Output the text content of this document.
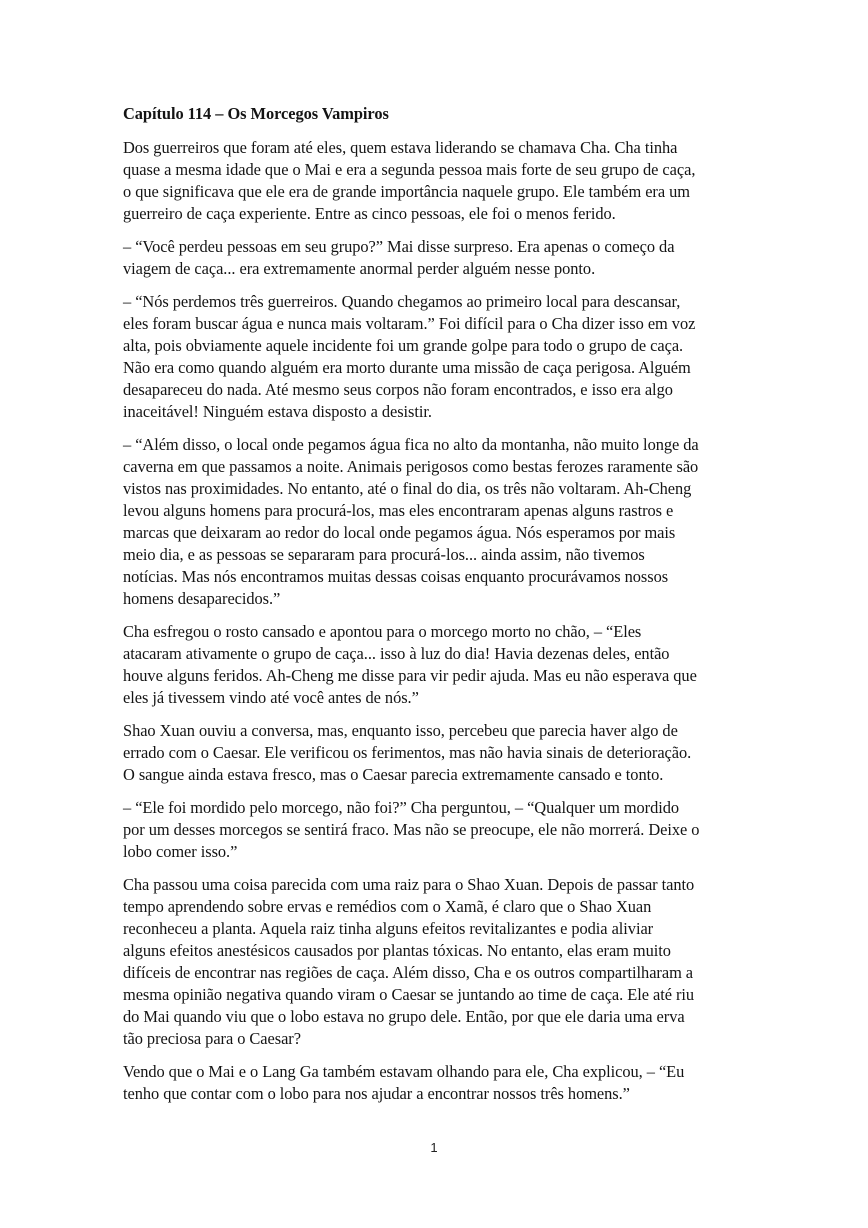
Capítulo 114 – Os Morcegos Vampiros

Dos guerreiros que foram até eles, quem estava liderando se chamava Cha. Cha tinha
quase a mesma idade que o Mai e era a segunda pessoa mais forte de seu grupo de caça,
o que significava que ele era de grande importância naquele grupo. Ele também era um
guerreiro de caça experiente. Entre as cinco pessoas, ele foi o menos ferido.

– “Você perdeu pessoas em seu grupo?” Mai disse surpreso. Era apenas o começo da
viagem de caça... era extremamente anormal perder alguém nesse ponto.

– “Nós perdemos três guerreiros. Quando chegamos ao primeiro local para descansar,
eles foram buscar água e nunca mais voltaram.” Foi difícil para o Cha dizer isso em voz
alta, pois obviamente aquele incidente foi um grande golpe para todo o grupo de caça.
Não era como quando alguém era morto durante uma missão de caça perigosa. Alguém
desapareceu do nada. Até mesmo seus corpos não foram encontrados, e isso era algo
inaceitável! Ninguém estava disposto a desistir.

– “Além disso, o local onde pegamos água fica no alto da montanha, não muito longe da
caverna em que passamos a noite. Animais perigosos como bestas ferozes raramente são
vistos nas proximidades. No entanto, até o final do dia, os três não voltaram. Ah-Cheng
levou alguns homens para procurá-los, mas eles encontraram apenas alguns rastros e
marcas que deixaram ao redor do local onde pegamos água. Nós esperamos por mais
meio dia, e as pessoas se separaram para procurá-los... ainda assim, não tivemos
notícias. Mas nós encontramos muitas dessas coisas enquanto procurávamos nossos
homens desaparecidos.”

Cha esfregou o rosto cansado e apontou para o morcego morto no chão, – “Eles
atacaram ativamente o grupo de caça... isso à luz do dia! Havia dezenas deles, então
houve alguns feridos. Ah-Cheng me disse para vir pedir ajuda. Mas eu não esperava que
eles já tivessem vindo até você antes de nós.”

Shao Xuan ouviu a conversa, mas, enquanto isso, percebeu que parecia haver algo de
errado com o Caesar. Ele verificou os ferimentos, mas não havia sinais de deterioração.
O sangue ainda estava fresco, mas o Caesar parecia extremamente cansado e tonto.

– “Ele foi mordido pelo morcego, não foi?” Cha perguntou, – “Qualquer um mordido
por um desses morcegos se sentirá fraco. Mas não se preocupe, ele não morrerá. Deixe o
lobo comer isso.”

Cha passou uma coisa parecida com uma raiz para o Shao Xuan. Depois de passar tanto
tempo aprendendo sobre ervas e remédios com o Xamã, é claro que o Shao Xuan
reconheceu a planta. Aquela raiz tinha alguns efeitos revitalizantes e podia aliviar
alguns efeitos anestésicos causados por plantas tóxicas. No entanto, elas eram muito
difíceis de encontrar nas regiões de caça. Além disso, Cha e os outros compartilharam a
mesma opinião negativa quando viram o Caesar se juntando ao time de caça. Ele até riu
do Mai quando viu que o lobo estava no grupo dele. Então, por que ele daria uma erva
tão preciosa para o Caesar?

Vendo que o Mai e o Lang Ga também estavam olhando para ele, Cha explicou, – “Eu
tenho que contar com o lobo para nos ajudar a encontrar nossos três homens.”

1
